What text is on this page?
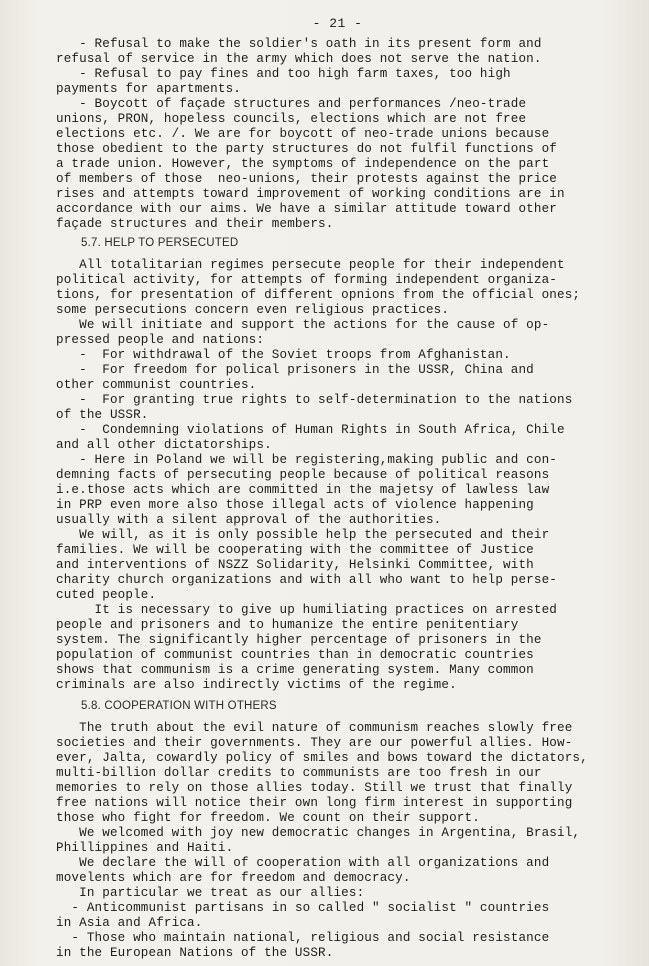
- 21 -

- Refusal to make the soldier's oath in its present form and
refusal of service in the army which does not serve the nation.

- Refusal to pay fines and too high farm taxes, too high
payments for apartments.

- Boycott of façade structures and performances /neo-trade
unions, PRON, hopeless councils, elections which are not free
elections etc. /. We are for boycott of neo-trade unions because
those obedient to the party structures do not fulfil functions of
a trade union. However, the symptoms of independence on the part
of members of those  neo-unions, their protests against the price
rises and attempts toward improvement of working conditions are in
accordance with our aims. We have a similar attitude toward other
façade structures and their members.

5.7. HELP TO PERSECUTED

All totalitarian regimes persecute people for their independent
political activity, for attempts of forming independent organiza-
tions, for presentation of different opnions from the official ones;
some persecutions concern even religious practices.

We will initiate and support the actions for the cause of op-
pressed people and nations:

-  For withdrawal of the Soviet troops from Afghanistan.

-  For freedom for polical prisoners in the USSR, China and
other communist countries.

-  For granting true rights to self-determination to the nations
of the USSR.

-  Condemning violations of Human Rights in South Africa, Chile
and all other dictatorships.

- Here in Poland we will be registering,making public and con-
demning facts of persecuting people because of political reasons
i.e.those acts which are committed in the majetsy of lawless law
in PRP even more also those illegal acts of violence happening
usually with a silent approval of the authorities.

We will, as it is only possible help the persecuted and their
families. We will be cooperating with the committee of Justice
and interventions of NSZZ Solidarity, Helsinki Committee, with
charity church organizations and with all who want to help perse-
cuted people.

It is necessary to give up humiliating practices on arrested
people and prisoners and to humanize the entire penitentiary
system. The significantly higher percentage of prisoners in the
population of communist countries than in democratic countries
shows that communism is a crime generating system. Many common
criminals are also indirectly victims of the regime.

5.8. COOPERATION WITH OTHERS

The truth about the evil nature of communism reaches slowly free
societies and their governments. They are our powerful allies. How-
ever, Jalta, cowardly policy of smiles and bows toward the dictators,
multi-billion dollar credits to communists are too fresh in our
memories to rely on those allies today. Still we trust that finally
free nations will notice their own long firm interest in supporting
those who fight for freedom. We count on their support.

We welcomed with joy new democratic changes in Argentina, Brasil,
Phillippines and Haiti.

We declare the will of cooperation with all organizations and
movelents which are for freedom and democracy.

In particular we treat as our allies:

- Anticommunist partisans in so called " socialist " countries
in Asia and Africa.

- Those who maintain national, religious and social resistance
in the European Nations of the USSR.
